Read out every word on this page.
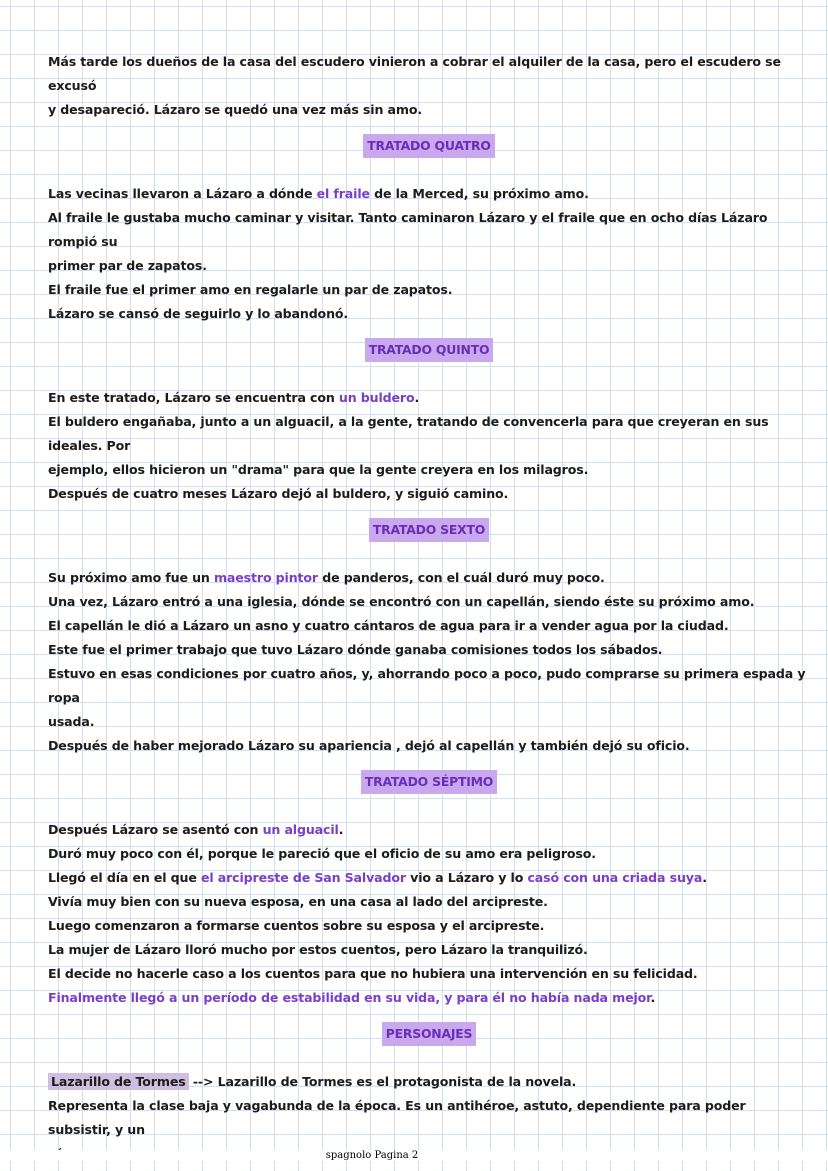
Más tarde los dueños de la casa del escudero vinieron a cobrar el alquiler de la casa, pero el escudero se excusó

y desapareció. Lázaro se quedó una vez más sin amo.

TRATADO QUATRO

Las vecinas llevaron a Lázaro a dónde el fraile de la Merced, su próximo amo.

Al fraile le gustaba mucho caminar y visitar. Tanto caminaron Lázaro y el fraile que en ocho días Lázaro rompió su

primer par de zapatos.

El fraile fue el primer amo en regalarle un par de zapatos.

Lázaro se cansó de seguirlo y lo abandonó.

TRATADO QUINTO

En este tratado, Lázaro se encuentra con un buldero.

El buldero engañaba, junto a un alguacil, a la gente, tratando de convencerla para que creyeran en sus ideales. Por

ejemplo, ellos hicieron un "drama" para que la gente creyera en los milagros.

Después de cuatro meses Lázaro dejó al buldero, y siguió camino.

TRATADO SEXTO

Su próximo amo fue un maestro pintor de panderos, con el cuál duró muy poco.

Una vez, Lázaro entró a una iglesia, dónde se encontró con un capellán, siendo éste su próximo amo.

El capellán le dió a Lázaro un asno y cuatro cántaros de agua para ir a vender agua por la ciudad.

Este fue el primer trabajo que tuvo Lázaro dónde ganaba comisiones todos los sábados.

Estuvo en esas condiciones por cuatro años, y, ahorrando poco a poco, pudo comprarse su primera espada y ropa

usada.

Después de haber mejorado Lázaro su apariencia , dejó al capellán y también dejó su oficio.

TRATADO SÉPTIMO

Después Lázaro se asentó con un alguacil.

Duró muy poco con él, porque le pareció que el oficio de su amo era peligroso.

Llegó el día en el que el arcipreste de San Salvador vio a Lázaro y lo casó con una criada suya.

Vivía muy bien con su nueva esposa, en una casa al lado del arcipreste.

Luego comenzaron a formarse cuentos sobre su esposa y el arcipreste.

La mujer de Lázaro lloró mucho por estos cuentos, pero Lázaro la tranquilizó.

El decide no hacerle caso a los cuentos para que no hubiera una intervención en su felicidad.

Finalmente llegó a un período de estabilidad en su vida, y para él no había nada mejor.

PERSONAJES

Lazarillo de Tormes --> Lazarillo de Tormes es el protagonista de la novela.

Representa la clase baja y vagabunda de la época. Es un antihéroe, astuto, dependiente para poder subsistir, y un

spagnolo Pagina 2
